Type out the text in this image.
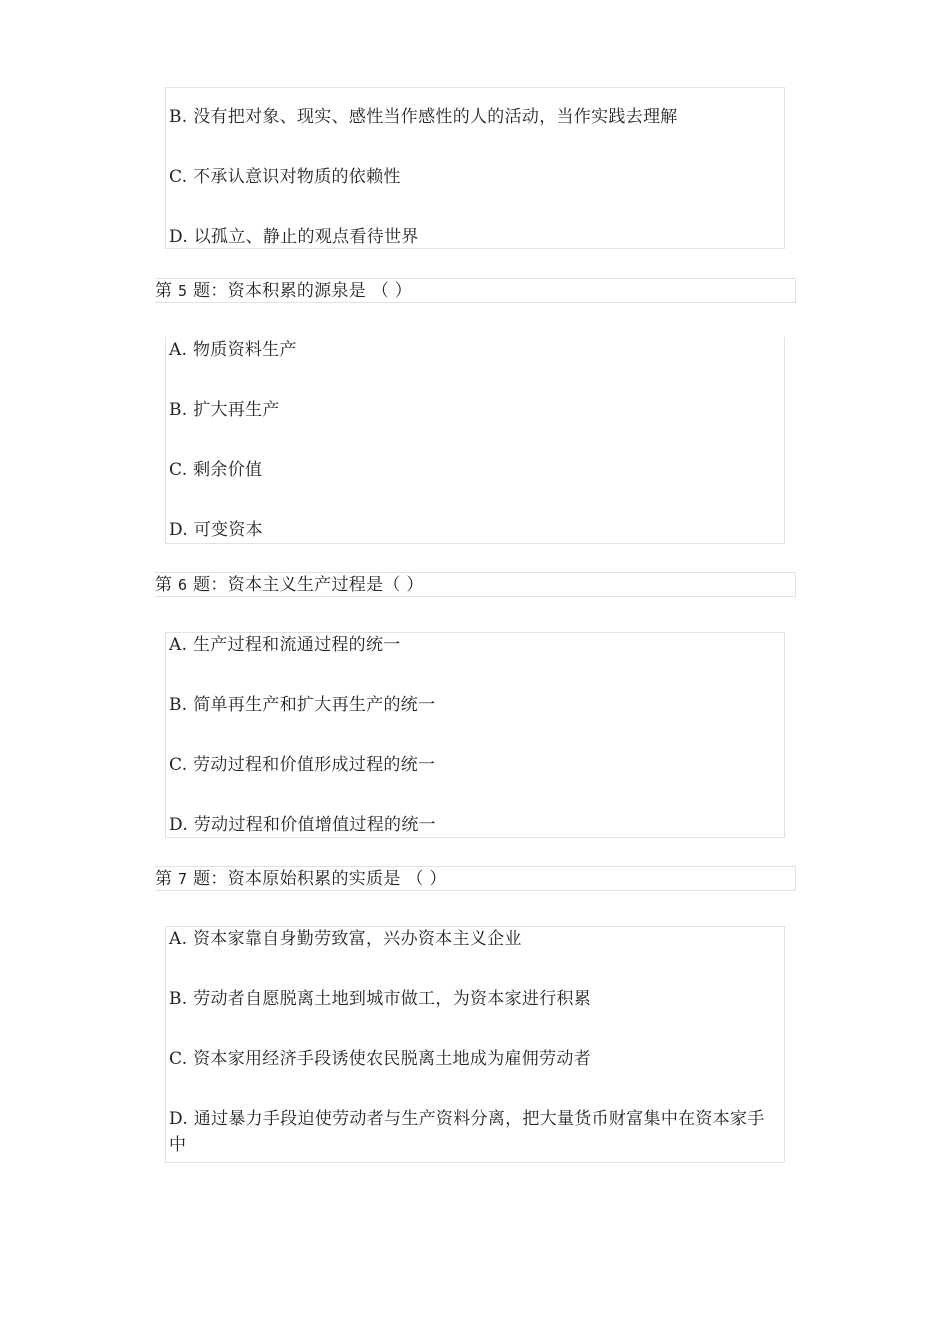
B. 没有把对象、现实、感性当作感性的人的活动，当作实践去理解
C. 不承认意识对物质的依赖性
D. 以孤立、静止的观点看待世界
第 5 题：资本积累的源泉是 （ ）
A. 物质资料生产
B. 扩大再生产
C. 剩余价值
D. 可变资本
第 6 题：资本主义生产过程是（ ）
A. 生产过程和流通过程的统一
B. 简单再生产和扩大再生产的统一
C. 劳动过程和价值形成过程的统一
D. 劳动过程和价值增值过程的统一
第 7 题：资本原始积累的实质是 （ ）
A. 资本家靠自身勤劳致富，兴办资本主义企业
B. 劳动者自愿脱离土地到城市做工，为资本家进行积累
C. 资本家用经济手段诱使农民脱离土地成为雇佣劳动者
D. 通过暴力手段迫使劳动者与生产资料分离，把大量货币财富集中在资本家手中
